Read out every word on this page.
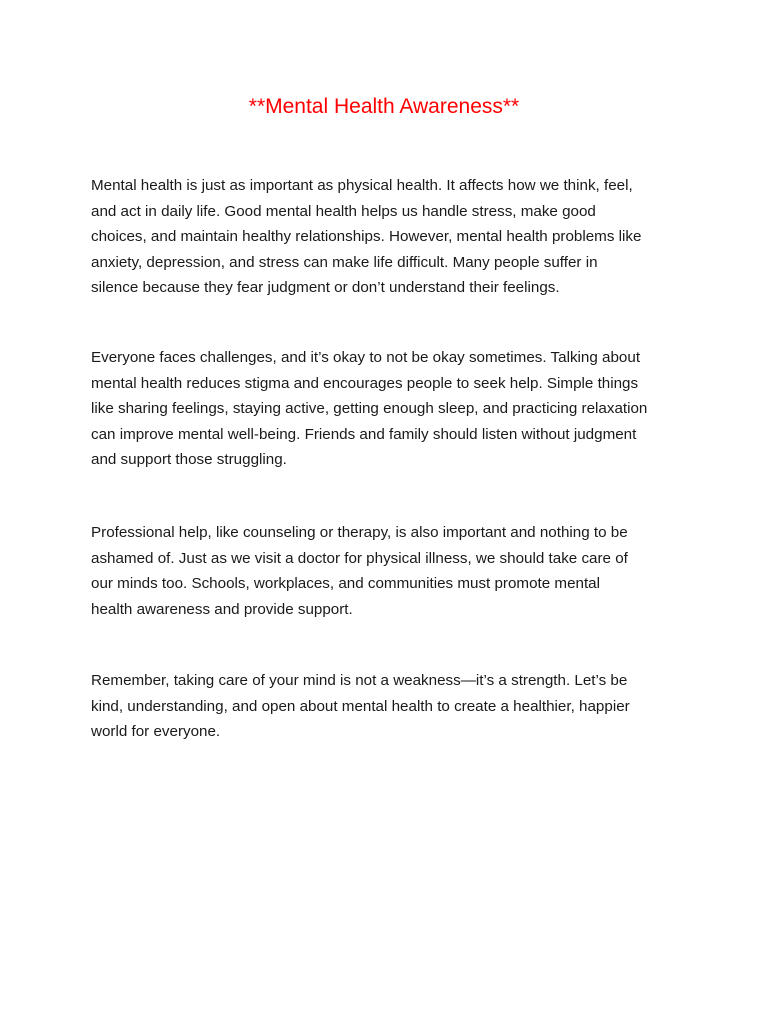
**Mental Health Awareness**

Mental health is just as important as physical health. It affects how we think, feel,
and act in daily life. Good mental health helps us handle stress, make good
choices, and maintain healthy relationships. However, mental health problems like
anxiety, depression, and stress can make life difficult. Many people suffer in
silence because they fear judgment or don’t understand their feelings.

Everyone faces challenges, and it’s okay to not be okay sometimes. Talking about
mental health reduces stigma and encourages people to seek help. Simple things
like sharing feelings, staying active, getting enough sleep, and practicing relaxation
can improve mental well-being. Friends and family should listen without judgment
and support those struggling.

Professional help, like counseling or therapy, is also important and nothing to be
ashamed of. Just as we visit a doctor for physical illness, we should take care of
our minds too. Schools, workplaces, and communities must promote mental
health awareness and provide support.

Remember, taking care of your mind is not a weakness—it’s a strength. Let’s be
kind, understanding, and open about mental health to create a healthier, happier
world for everyone.
